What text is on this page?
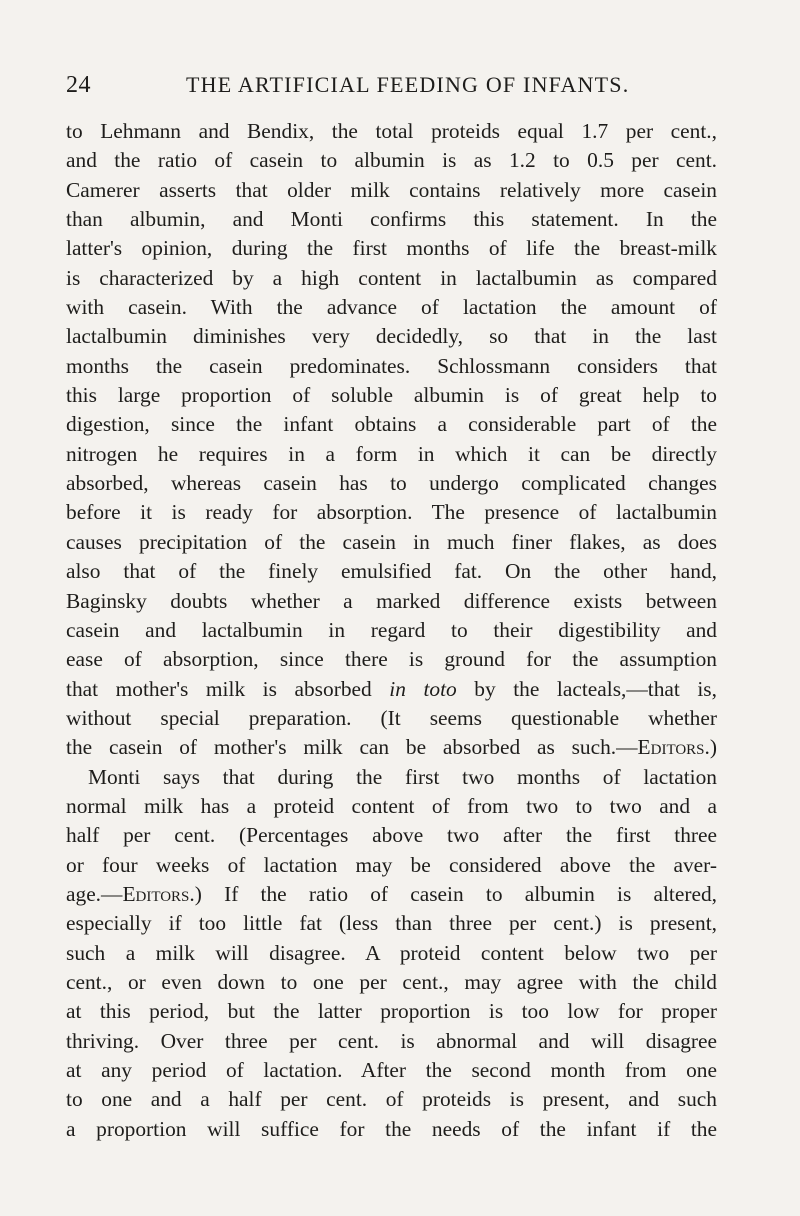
24	THE ARTIFICIAL FEEDING OF INFANTS.
to Lehmann and Bendix, the total proteids equal 1.7 per cent.,
and the ratio of casein to albumin is as 1.2 to 0.5 per cent.
Camerer asserts that older milk contains relatively more casein
than albumin, and Monti confirms this statement. In the
latter's opinion, during the first months of life the breast-milk
is characterized by a high content in lactalbumin as compared
with casein. With the advance of lactation the amount of
lactalbumin diminishes very decidedly, so that in the last
months the casein predominates. Schlossmann considers that
this large proportion of soluble albumin is of great help to
digestion, since the infant obtains a considerable part of the
nitrogen he requires in a form in which it can be directly
absorbed, whereas casein has to undergo complicated changes
before it is ready for absorption. The presence of lactalbumin
causes precipitation of the casein in much finer flakes, as does
also that of the finely emulsified fat. On the other hand,
Baginsky doubts whether a marked difference exists between
casein and lactalbumin in regard to their digestibility and
ease of absorption, since there is ground for the assumption
that mother's milk is absorbed in toto by the lacteals,—that is,
without special preparation. (It seems questionable whether
the casein of mother's milk can be absorbed as such.—Editors.)
Monti says that during the first two months of lactation
normal milk has a proteid content of from two to two and a
half per cent. (Percentages above two after the first three
or four weeks of lactation may be considered above the aver-
age.—Editors.) If the ratio of casein to albumin is altered,
especially if too little fat (less than three per cent.) is present,
such a milk will disagree. A proteid content below two per
cent., or even down to one per cent., may agree with the child
at this period, but the latter proportion is too low for proper
thriving. Over three per cent. is abnormal and will disagree
at any period of lactation. After the second month from one
to one and a half per cent. of proteids is present, and such
a proportion will suffice for the needs of the infant if the
